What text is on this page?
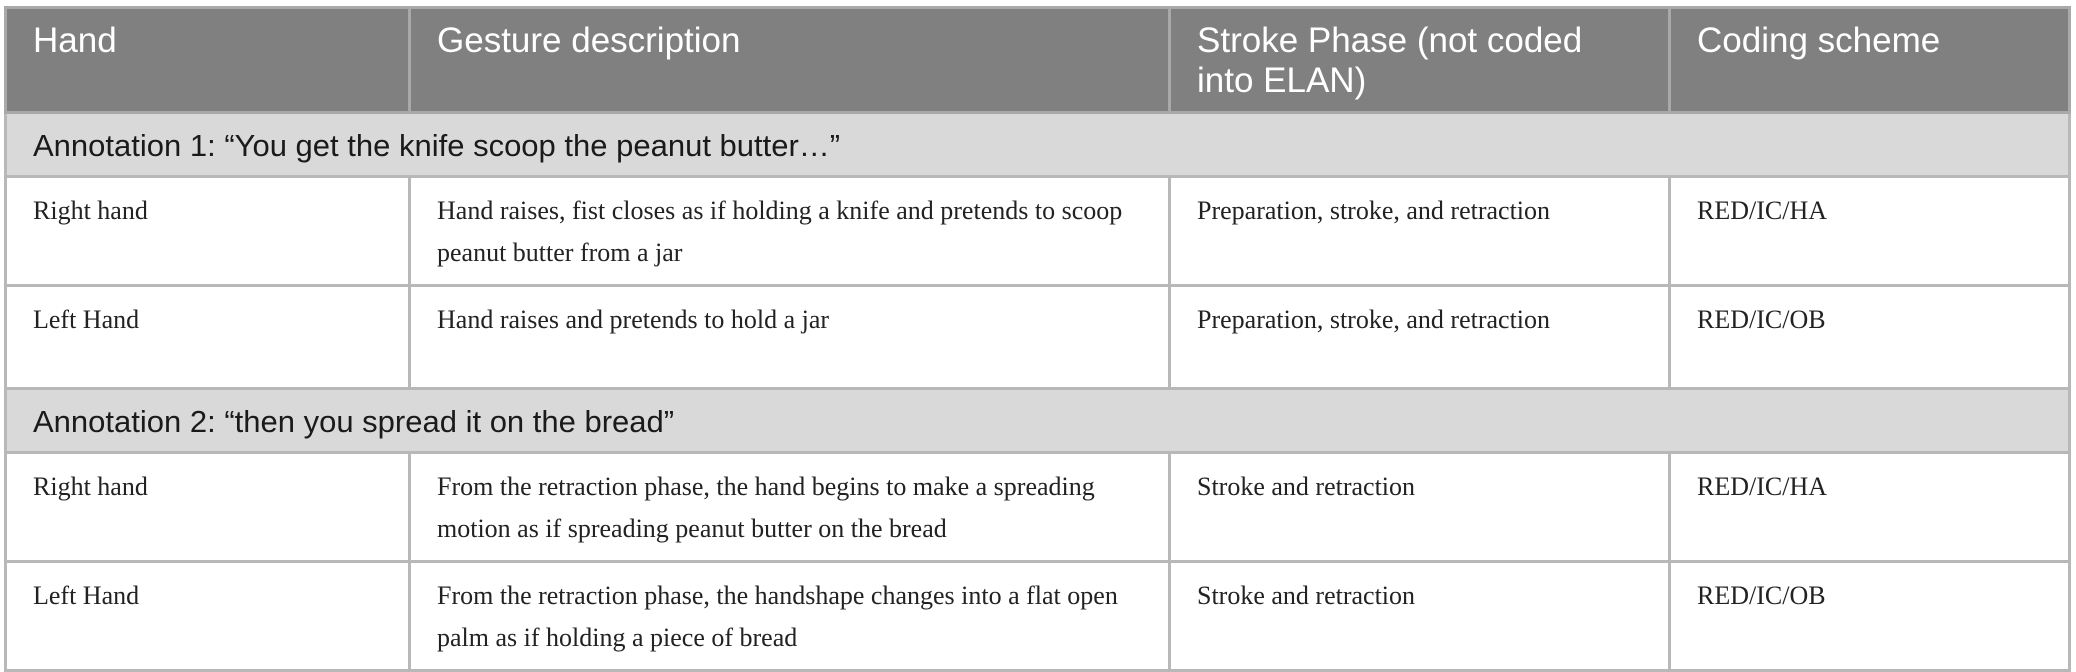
Hand	Gesture description	Stroke Phase (not coded into ELAN)	Coding scheme
Annotation 1: “You get the knife scoop the peanut butter…”			
Right hand	Hand raises, fist closes as if holding a knife and pretends to scoop peanut butter from a jar	Preparation, stroke, and retraction	RED/IC/HA
Left Hand	Hand raises and pretends to hold a jar	Preparation, stroke, and retraction	RED/IC/OB
Annotation 2: “then you spread it on the bread”			
Right hand	From the retraction phase, the hand begins to make a spreading motion as if spreading peanut butter on the bread	Stroke and retraction	RED/IC/HA
Left Hand	From the retraction phase, the handshape changes into a flat open palm as if holding a piece of bread	Stroke and retraction	RED/IC/OB
